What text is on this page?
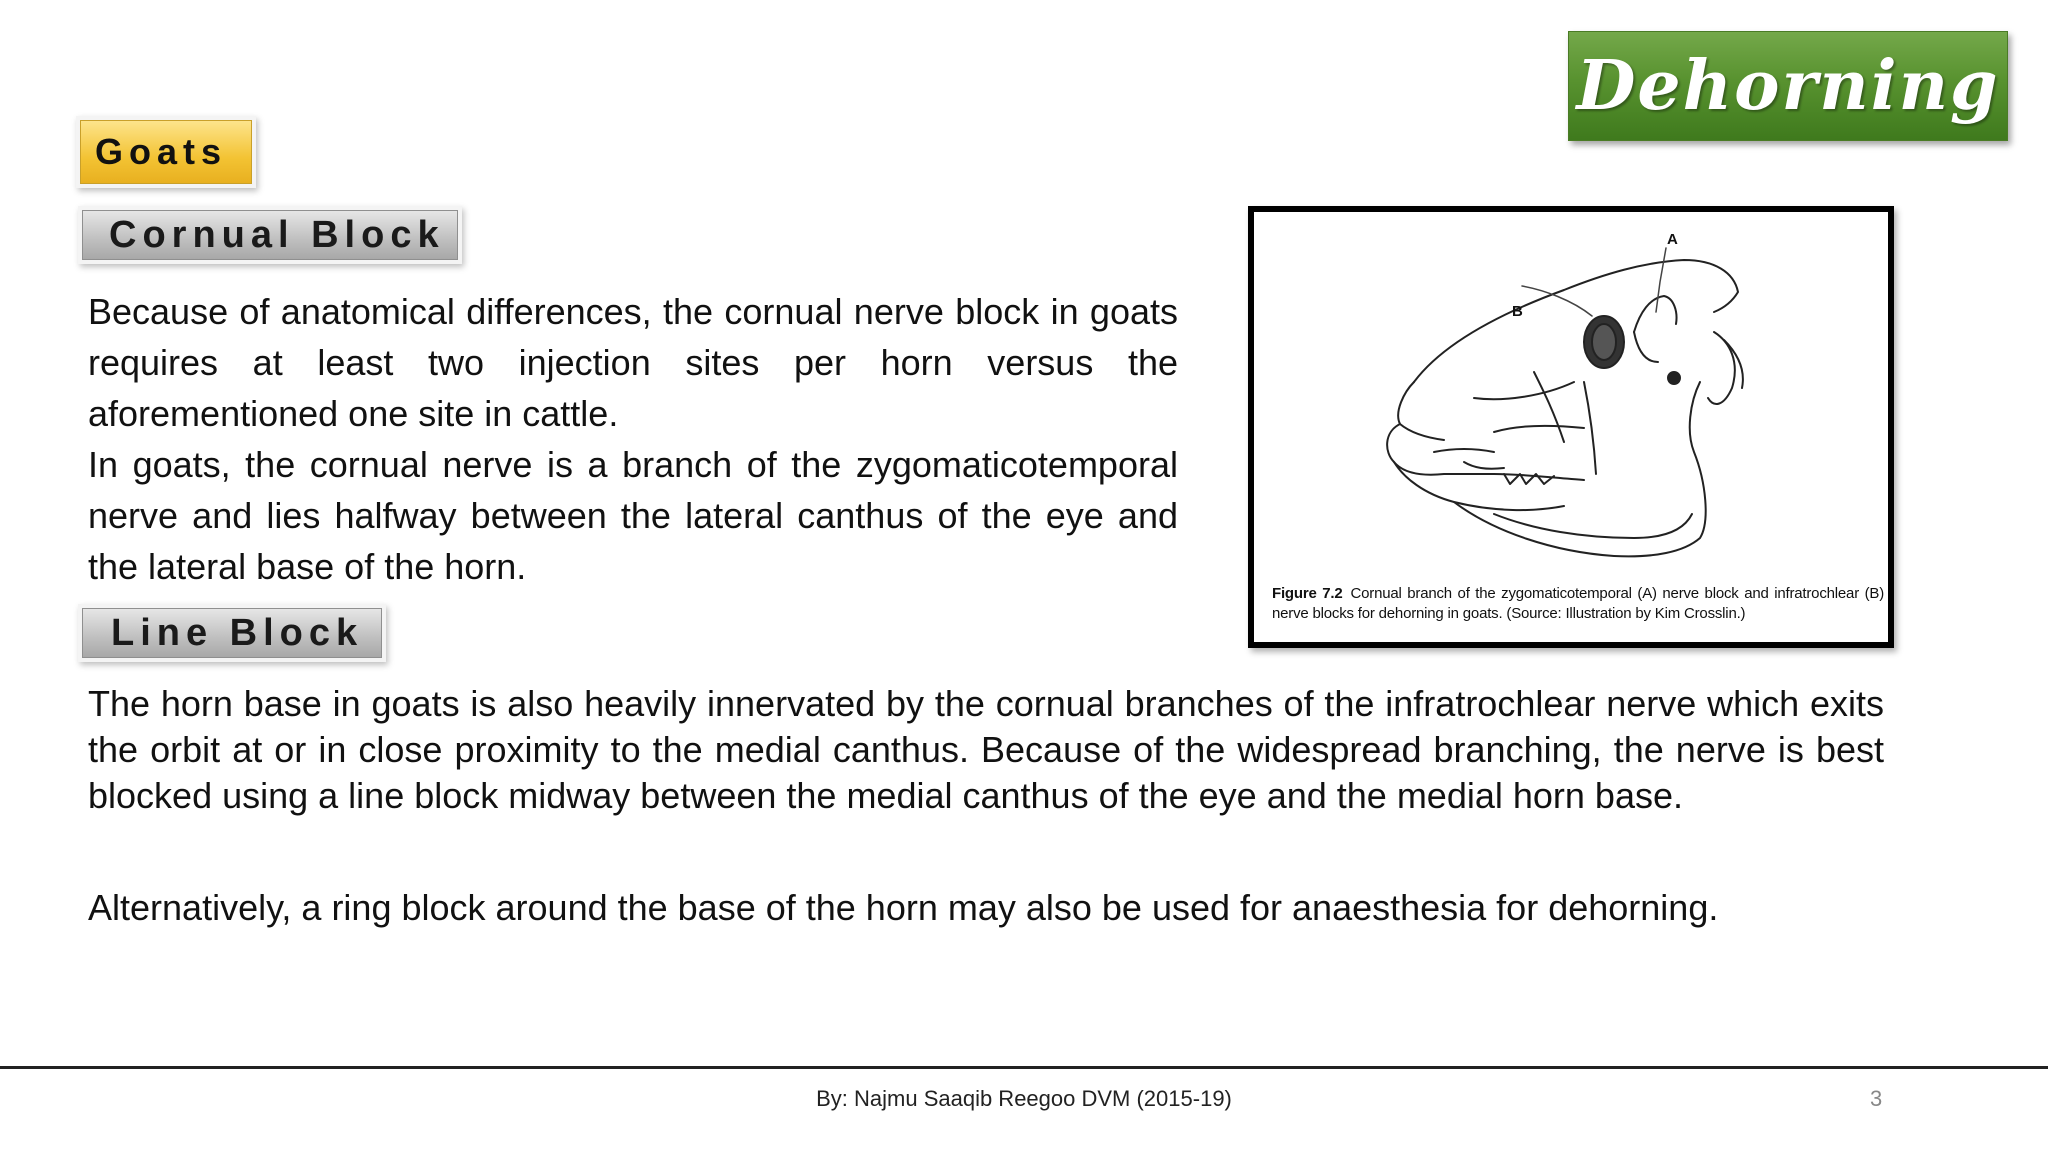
Dehorning
Goats
Cornual Block
Because of anatomical differences, the cornual nerve block in goats requires at least two injection sites per horn versus the aforementioned one site in cattle.
In goats, the cornual nerve is a branch of the zygomaticotemporal nerve and lies halfway between the lateral canthus of the eye and the lateral base of the horn.
Line Block
The horn base in goats is also heavily innervated by the cornual branches of the infratrochlear nerve which exits the orbit at or in close proximity to the medial canthus. Because of the widespread branching, the nerve is best blocked using a line block midway between the medial canthus of the eye and the medial horn base.
Alternatively, a ring block around the base of the horn may also be used for anaesthesia for dehorning.
A
B
Figure 7.2 Cornual branch of the zygomaticotemporal (A) nerve block and infratrochlear (B) nerve blocks for dehorning in goats. (Source: Illustration by Kim Crosslin.)
By: Najmu Saaqib Reegoo DVM (2015-19)	3
